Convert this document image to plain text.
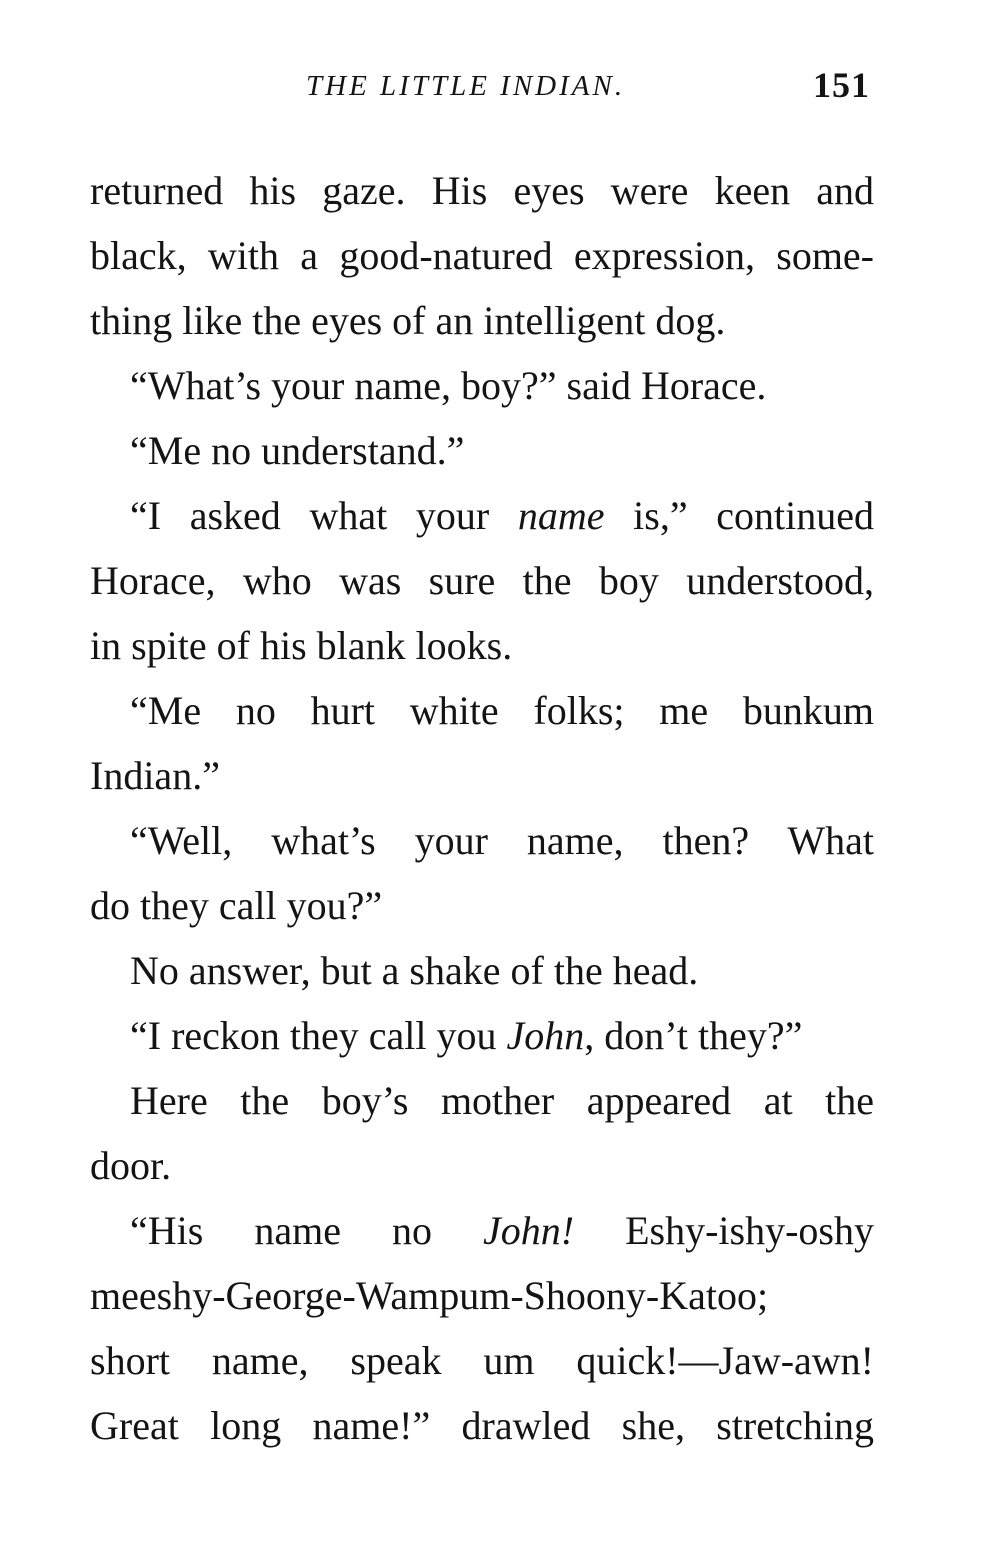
THE LITTLE INDIAN.	151
returned his gaze. His eyes were keen and
black, with a good-natured expression, some-
thing like the eyes of an intelligent dog.
“What’s your name, boy?” said Horace.
“Me no understand.”
“I asked what your name is,” continued
Horace, who was sure the boy understood,
in spite of his blank looks.
“Me no hurt white folks; me bunkum
Indian.”
“Well, what’s your name, then? What
do they call you?”
No answer, but a shake of the head.
“I reckon they call you John, don’t they?”
Here the boy’s mother appeared at the
door.
“His name no John! Eshy-ishy-oshy
meeshy-George-Wampum-Shoony-Katoo;
short name, speak um quick!—Jaw-awn!
Great long name!” drawled she, stretching
